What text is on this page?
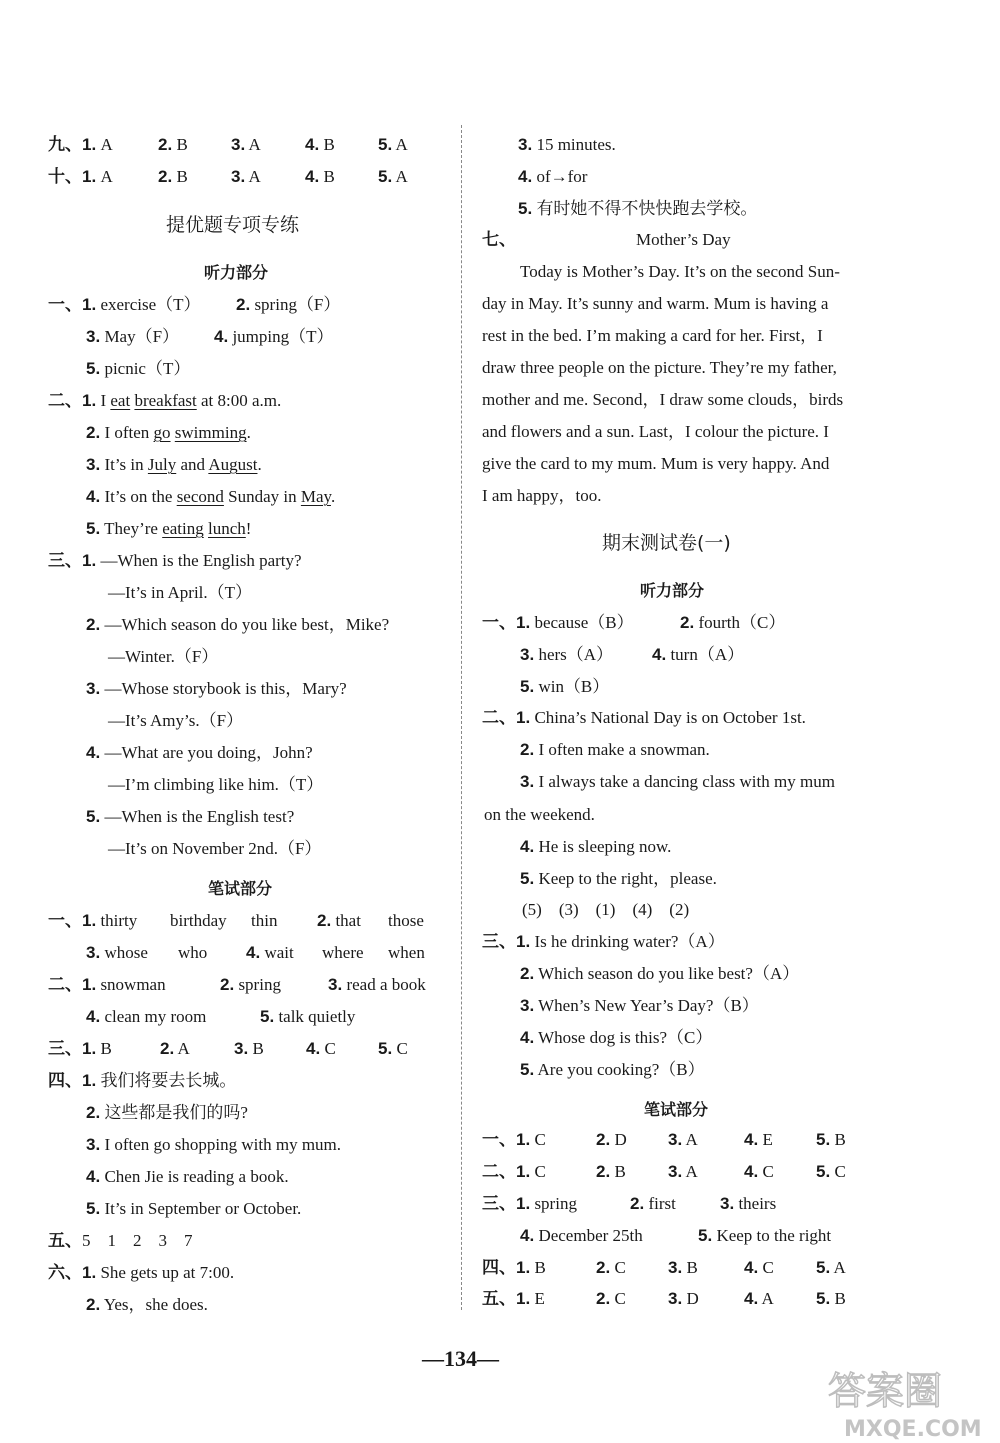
九、1. A	2. B	3. A	4. B	5. A
十、1. A	2. B	3. A	4. B	5. A
提优题专项专练
听力部分
一、1. exercise（T） 2. spring（F）
3. May（F） 4. jumping（T）
5. picnic（T）
二、1. I eat breakfast at 8:00 a.m.
2. I often go swimming.
3. It’s in July and August.
4. It’s on the second Sunday in May.
5. They’re eating lunch!
三、1. —When is the English party?
—It’s in April.（T）
2. —Which season do you like best，Mike?
—Winter.（F）
3. —Whose storybook is this，Mary?
—It’s Amy’s.（F）
4. —What are you doing，John?
—I’m climbing like him.（T）
5. —When is the English test?
—It’s on November 2nd.（F）
笔试部分
一、1. thirty birthday thin 2. that those
3. whose who 4. wait where when
二、1. snowman	2. spring	3. read a book
4. clean my room	5. talk quietly
三、1. B	2. A	3. B 4. C 5. C
四、1. 我们将要去长城。
2. 这些都是我们的吗?
3. I often go shopping with my mum.
4. Chen Jie is reading a book.
5. It’s in September or October.
五、5　1　2　3　7
六、1. She gets up at 7:00.
2. Yes，she does.
3. 15 minutes.
4. of→for
5. 有时她不得不快快跑去学校。
七、	Mother’s Day
Today is Mother’s Day. It’s on the second Sun-
day in May. It’s sunny and warm. Mum is having a
rest in the bed. I’m making a card for her. First，I
draw three people on the picture. They’re my father,
mother and me. Second，I draw some clouds，birds
and flowers and a sun. Last，I colour the picture. I
give the card to my mum. Mum is very happy. And
I am happy，too.
期末测试卷(一)
听力部分
一、1. because（B）	2. fourth（C）
3. hers（A） 4. turn（A）
5. win（B）
二、1. China’s National Day is on October 1st.
2. I often make a snowman.
3. I always take a dancing class with my mum
on the weekend.
4. He is sleeping now.
5. Keep to the right，please.
(5)　(3)　(1)　(4)　(2)
三、1. Is he drinking water?（A）
2. Which season do you like best?（A）
3. When’s New Year’s Day?（B）
4. Whose dog is this?（C）
5. Are you cooking?（B）
笔试部分
一、1. C	2. D 3. A	4. E	5. B
二、1. C	2. B 3. A	4. C 5. C
三、1. spring	2. first	3. theirs
4. December 25th	5. Keep to the right
四、1. B	2. C 3. B	4. C 5. A
五、1. E	2. C 3. D	4. A 5. B
—134—
答案圈
MXQE.COM
